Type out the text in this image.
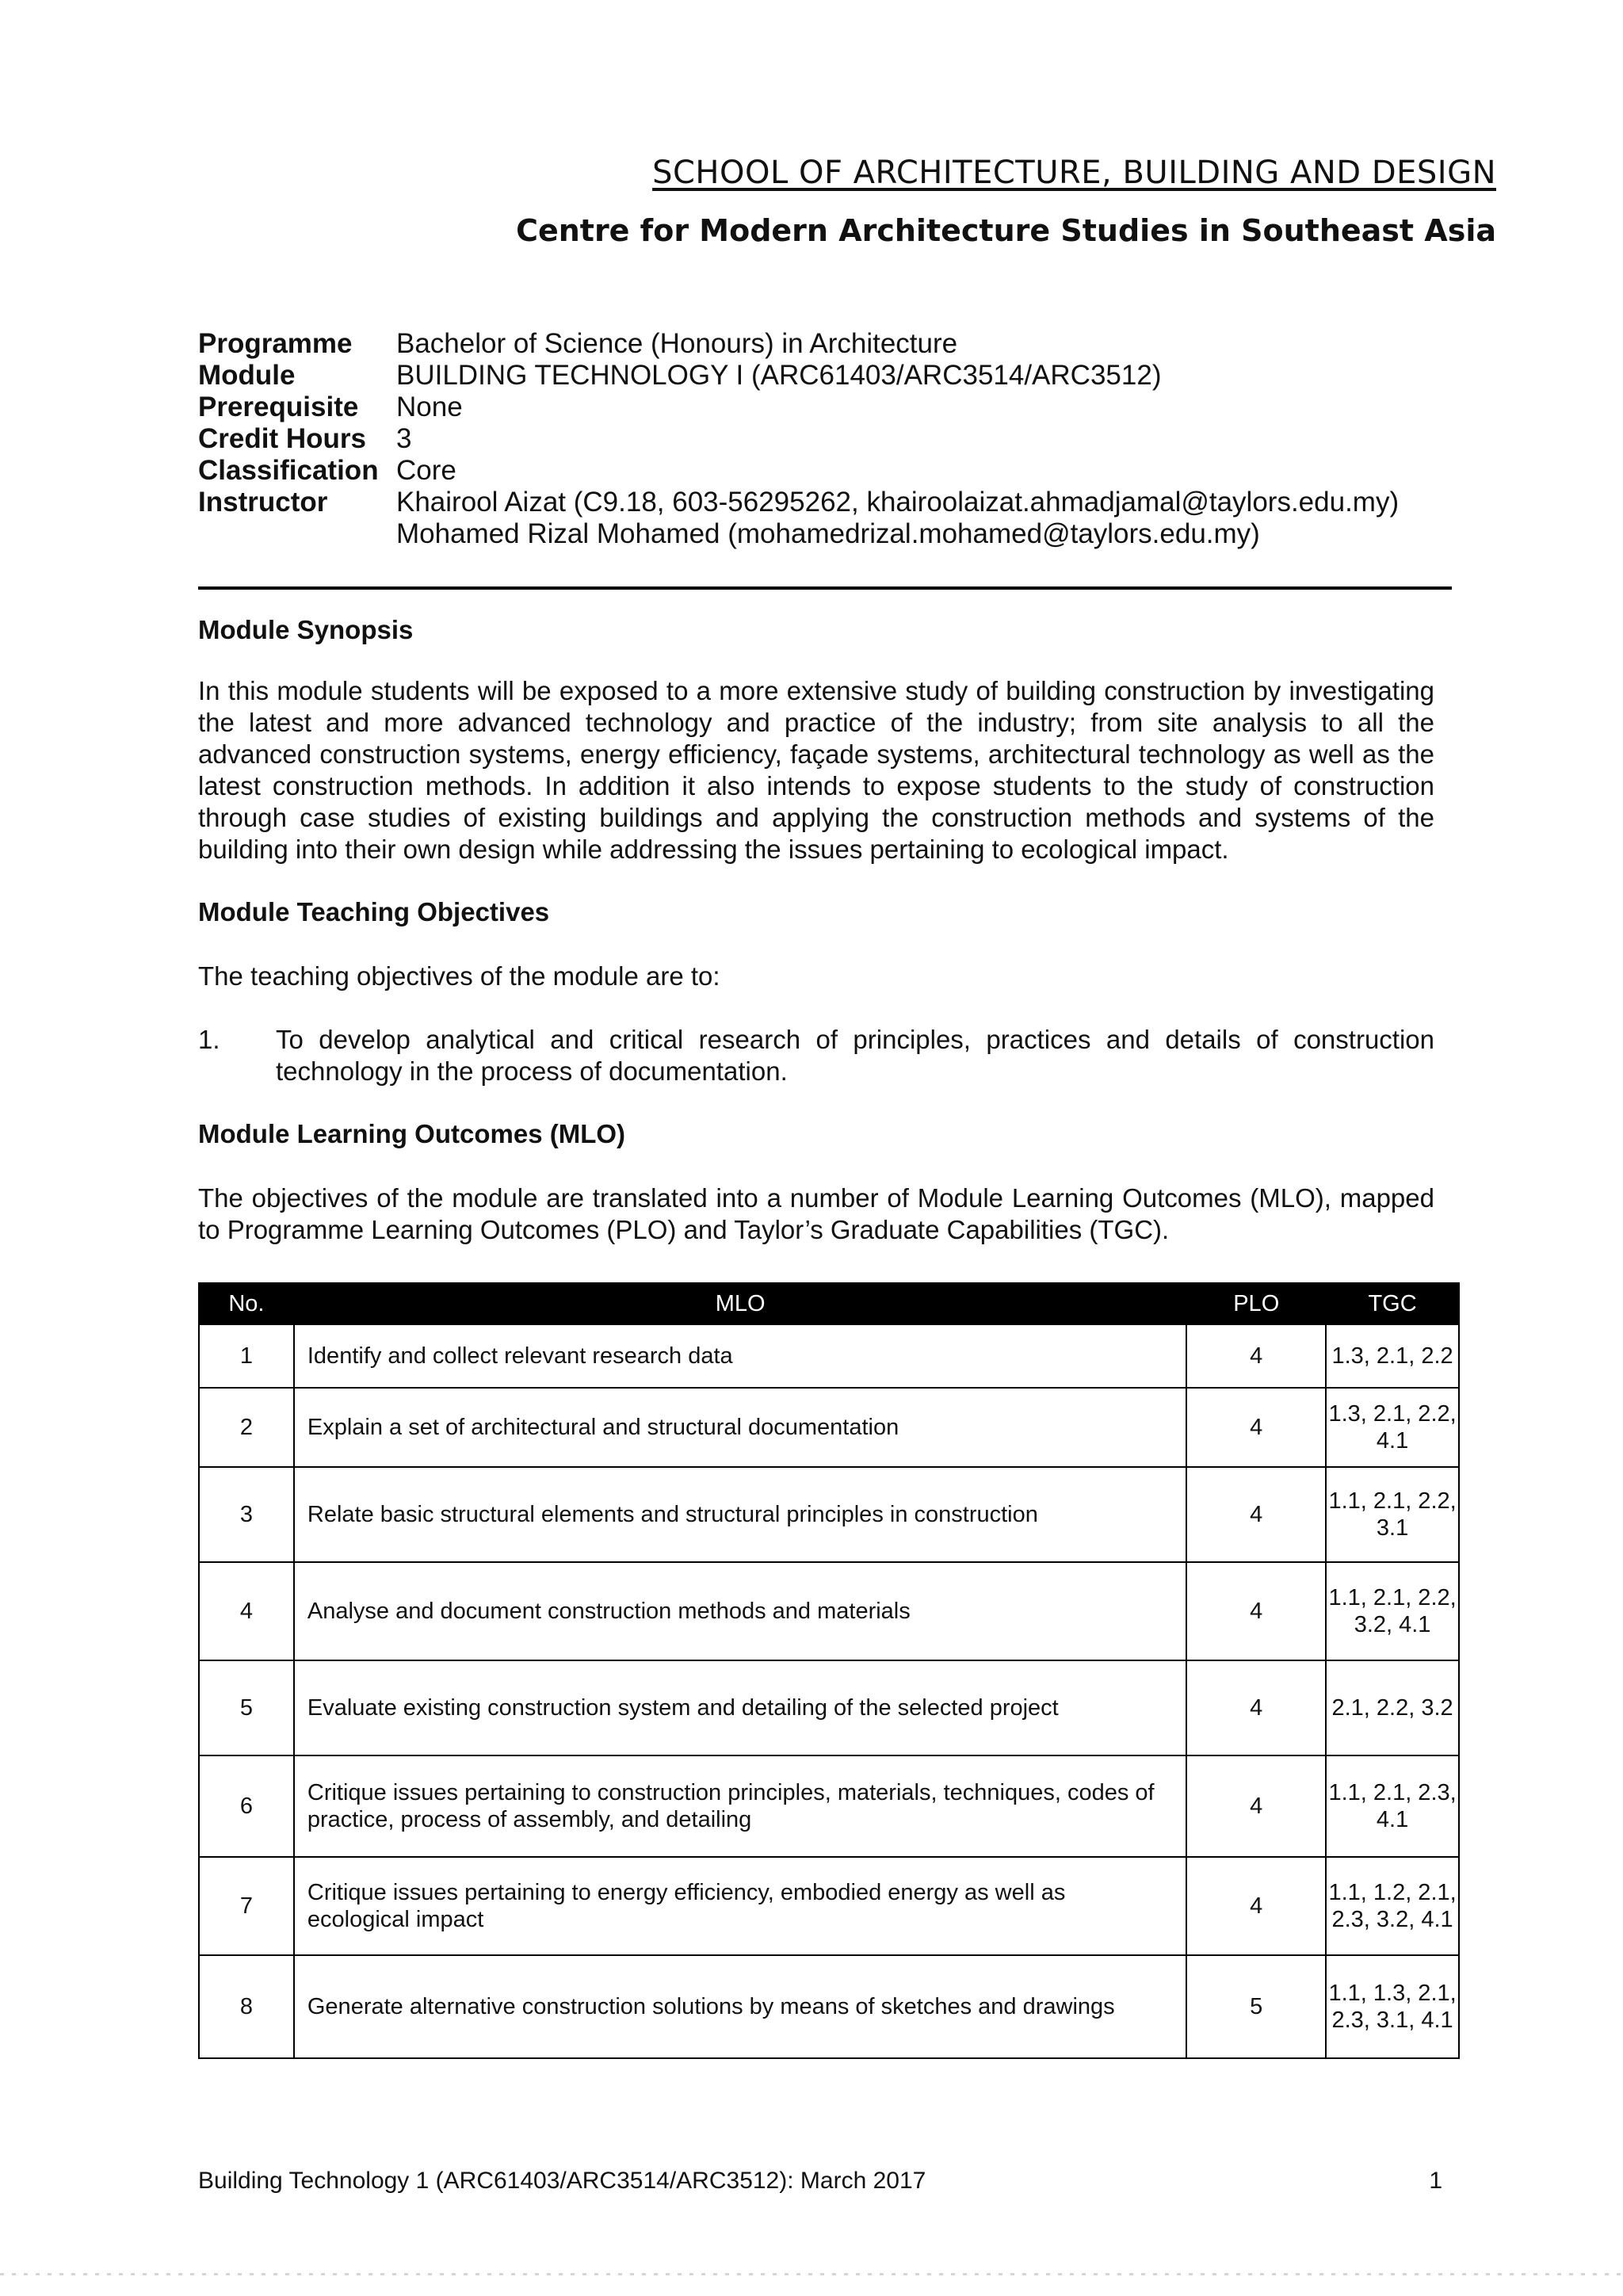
SCHOOL OF ARCHITECTURE, BUILDING AND DESIGN
Centre for Modern Architecture Studies in Southeast Asia
Programme	Bachelor of Science (Honours) in Architecture
Module	BUILDING TECHNOLOGY I (ARC61403/ARC3514/ARC3512)
Prerequisite	None
Credit Hours	3
Classification Core
Instructor	Khairool Aizat (C9.18, 603-56295262, khairoolaizat.ahmadjamal@taylors.edu.my)
Mohamed Rizal Mohamed (mohamedrizal.mohamed@taylors.edu.my)
Module Synopsis
In this module students will be exposed to a more extensive study of building construction by investigating the latest and more advanced technology and practice of the industry; from site analysis to all the advanced construction systems, energy efficiency, façade systems, architectural technology as well as the latest construction methods. In addition it also intends to expose students to the study of construction through case studies of existing buildings and applying the construction methods and systems of the building into their own design while addressing the issues pertaining to ecological impact.
Module Teaching Objectives
The teaching objectives of the module are to:
1.	To develop analytical and critical research of principles, practices and details of construction technology in the process of documentation.
Module Learning Outcomes (MLO)
The objectives of the module are translated into a number of Module Learning Outcomes (MLO), mapped to Programme Learning Outcomes (PLO) and Taylor’s Graduate Capabilities (TGC).
No.	MLO	PLO	TGC
1	Identify and collect relevant research data	4	1.3, 2.1, 2.2
2	Explain a set of architectural and structural documentation	4	1.3, 2.1, 2.2, 4.1
3	Relate basic structural elements and structural principles in construction	4	1.1, 2.1, 2.2, 3.1
4	Analyse and document construction methods and materials	4	1.1, 2.1, 2.2, 3.2, 4.1
5	Evaluate existing construction system and detailing of the selected project	4	2.1, 2.2, 3.2
6	Critique issues pertaining to construction principles, materials, techniques, codes of practice, process of assembly, and detailing	4	1.1, 2.1, 2.3, 4.1
7	Critique issues pertaining to energy efficiency, embodied energy as well as ecological impact	4	1.1, 1.2, 2.1, 2.3, 3.2, 4.1
8	Generate alternative construction solutions by means of sketches and drawings	5	1.1, 1.3, 2.1, 2.3, 3.1, 4.1
Building Technology 1 (ARC61403/ARC3514/ARC3512): March 2017	1
